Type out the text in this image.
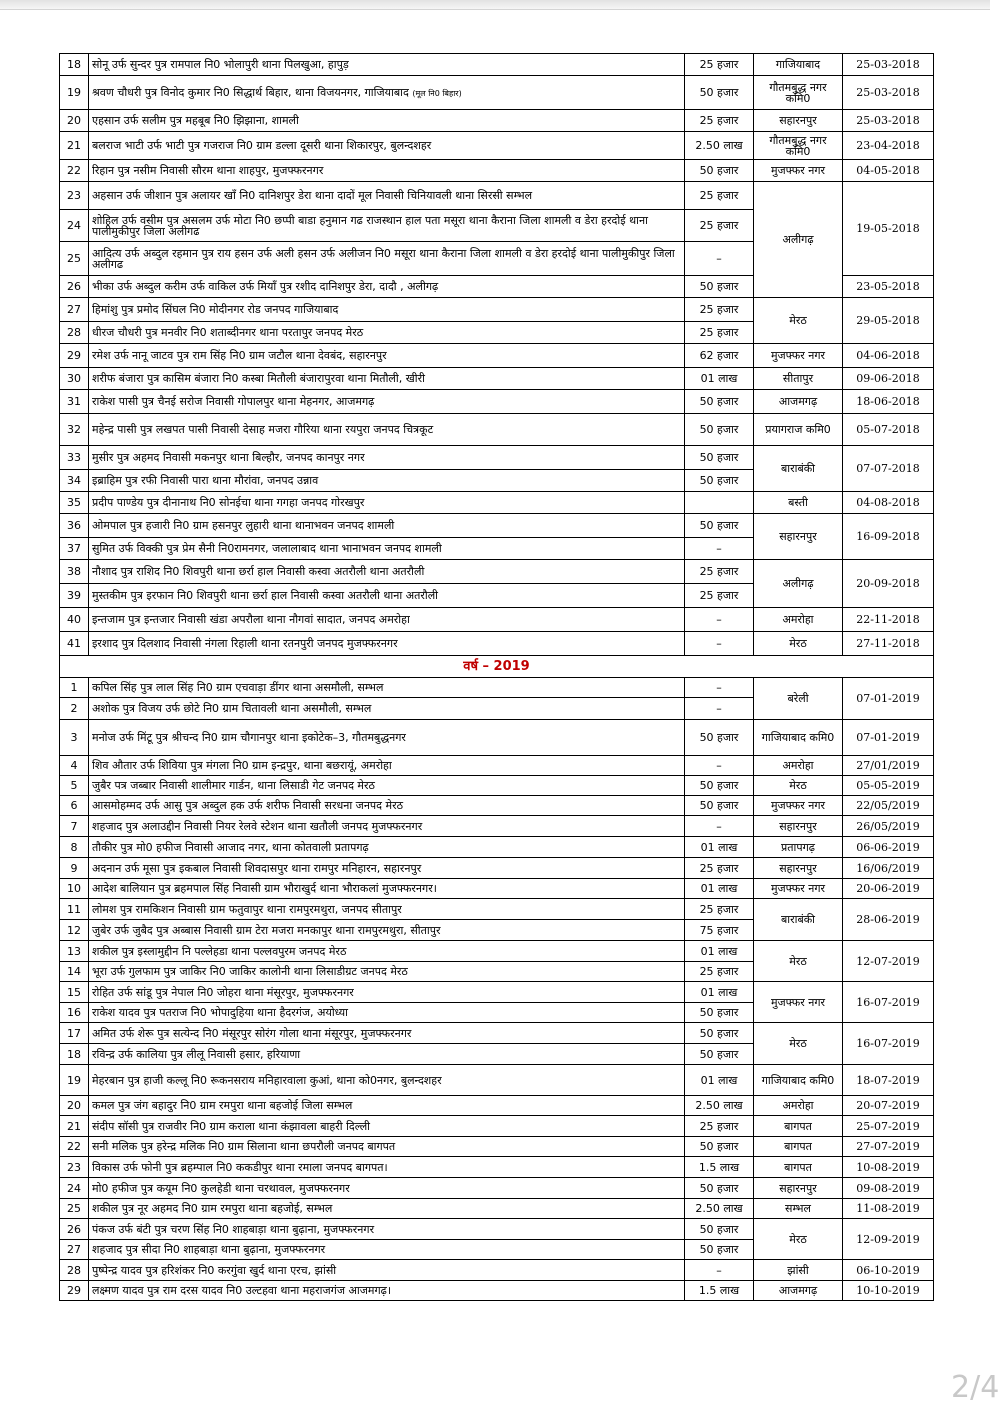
18	सोनू उर्फ सुन्दर पुत्र रामपाल नि0 भोलापुरी थाना पिलखुआ, हापुड़	25 हजार	गाजियाबाद	25-03-2018
19	श्रवण चौधरी पुत्र विनोद कुमार नि0 सिद्धार्थ बिहार, थाना विजयनगर, गाजियाबाद (मूल नि0 बिहार)	50 हजार	गौतमबुद्ध नगर कमि0	25-03-2018
20	एहसान उर्फ सलीम पुत्र महबूब नि0 झिझाना, शामली	25 हजार	सहारनपुर	25-03-2018
21	बलराज भाटी उर्फ भाटी पुत्र गजराज नि0 ग्राम डल्ला दूसरी थाना शिकारपुर, बुलन्दशहर	2.50 लाख	गौतमबुद्ध नगर कमि0	23-04-2018
22	रिहान पुत्र नसीम निवासी सौरम थाना शाहपुर, मुजफ्फरनगर	50 हजार	मुजफ्फर नगर	04-05-2018
23	अहसान उर्फ जीशान पुत्र अलायर खाँ नि0 दानिशपुर डेरा थाना दादों मूल निवासी चिनियावली थाना सिरसी सम्भल	25 हजार	अलीगढ़	19-05-2018
24	शोहिल उर्फ वसीम पुत्र असलम उर्फ मोटा नि0 छप्पी बाडा हनुमान गढ राजस्थान हाल पता मसूरा थाना कैराना जिला शामली व डेरा हरदोई थाना पालीमुकीपुर जिला अलीगढ	25 हजार		
25	आदित्य उर्फ अब्दुल रहमान पुत्र राय हसन उर्फ अली हसन उर्फ अलीजन नि0 मसूरा थाना कैराना जिला शामली व डेरा हरदोई थाना पालीमुकीपुर जिला अलीगढ	–		
26	भीका उर्फ अब्दुल करीम उर्फ वाकिल उर्फ मियाँ पुत्र रशीद दानिशपुर डेरा, दादौ , अलीगढ़	50 हजार		23-05-2018
27	हिमांशु पुत्र प्रमोद सिंघल नि0 मोदीनगर रोड जनपद गाजियाबाद	25 हजार	मेरठ	29-05-2018
28	धीरज चौधरी पुत्र मनवीर नि0 शताब्दीनगर थाना परतापुर जनपद मेरठ	25 हजार		
29	रमेश उर्फ नानू जाटव पुत्र राम सिंह नि0 ग्राम जटौल थाना देवबंद, सहारनपुर	62 हजार	मुजफ्फर नगर	04-06-2018
30	शरीफ बंजारा पुत्र कासिम बंजारा नि0 कस्बा मितौली बंजारापुरवा थाना मितौली, खीरी	01 लाख	सीतापुर	09-06-2018
31	राकेश पासी पुत्र चैनई सरोज निवासी गोपालपुर थाना मेहनगर, आजमगढ़	50 हजार	आजमगढ़	18-06-2018
32	महेन्द्र पासी पुत्र लखपत पासी निवासी देसाह मजरा गौरिया थाना रयपुरा जनपद चित्रकूट	50 हजार	प्रयागराज कमि0	05-07-2018
33	मुसीर पुत्र अहमद निवासी मकनपुर थाना बिल्हौर, जनपद कानपुर नगर	50 हजार	बाराबंकी	07-07-2018
34	इब्राहिम पुत्र रफी निवासी पारा थाना मौरांवा, जनपद उन्नाव	50 हजार		
35	प्रदीप पाण्डेय पुत्र दीनानाथ नि0 सोनईचा थाना गगहा जनपद गोरखपुर		बस्ती	04-08-2018
36	ओमपाल पुत्र हजारी नि0 ग्राम हसनपुर लुहारी थाना थानाभवन जनपद शामली	50 हजार	सहारनपुर	16-09-2018
37	सुमित उर्फ विक्की पुत्र प्रेम सैनी नि0रामनगर, जलालाबाद थाना भानाभवन जनपद शामली	–		
38	नौशाद पुत्र राशिद नि0 शिवपुरी थाना छर्रा हाल निवासी कस्वा अतरौली थाना अतरौली	25 हजार	अलीगढ़	20-09-2018
39	मुस्तकीम पुत्र इरफान नि0 शिवपुरी थाना छर्रा हाल निवासी कस्वा अतरौली थाना अतरौली	25 हजार		
40	इन्तजाम पुत्र इन्तजार निवासी खंडा अपरौला थाना नौगवां सादात, जनपद अमरोहा	–	अमरोहा	22-11-2018
41	इरशाद पुत्र दिलशाद निवासी नंगला रिहाली थाना रतनपुरी जनपद मुजफ्फरनगर	–	मेरठ	27-11-2018
वर्ष – 2019				
1	कपिल सिंह पुत्र लाल सिंह नि0 ग्राम एचवाड़ा डींगर थाना असमौली, सम्भल	–	बरेली	07-01-2019
2	अशोक पुत्र विजय उर्फ छोटे नि0 ग्राम चितावली थाना असमौली, सम्भल	–		
3	मनोज उर्फ मिंटू पुत्र श्रीचन्द नि0 ग्राम चौगानपुर थाना इकोटेक–3, गौतमबुद्धनगर	50 हजार	गाजियाबाद कमि0	07-01-2019
4	शिव औतार उर्फ शिविया पुत्र मंगला नि0 ग्राम इन्द्रपुर, थाना बछरायूं, अमरोहा	–	अमरोहा	27/01/2019
5	जुबैर पत्र जब्बार निवासी शालीमार गार्डन, थाना लिसाडी गेट जनपद मेरठ	50 हजार	मेरठ	05-05-2019
6	आसमोहम्मद उर्फ आसु पुत्र अब्दुल हक उर्फ शरीफ निवासी सरधना जनपद मेरठ	50 हजार	मुजफ्फर नगर	22/05/2019
7	शहजाद पुत्र अलाउद्दीन निवासी नियर रेलवे स्टेशन थाना खतौली जनपद मुजफ्फरनगर	–	सहारनपुर	26/05/2019
8	तौकीर पुत्र मो0 हफीज निवासी आजाद नगर, थाना कोतवाली प्रतापगढ़	01 लाख	प्रतापगढ़	06-06-2019
9	अदनान उर्फ मूसा पुत्र इकबाल निवासी शिवदासपुर थाना रामपुर मनिहारन, सहारनपुर	25 हजार	सहारनपुर	16/06/2019
10	आदेश बालियान पुत्र ब्रहमपाल सिंह निवासी ग्राम भौराखुर्द थाना भौराकलां मुजफ्फरनगर।	01 लाख	मुजफ्फर नगर	20-06-2019
11	लोमश पुत्र रामकिशन निवासी ग्राम फतुवापुर थाना रामपुरमथुरा, जनपद सीतापुर	25 हजार	बाराबंकी	28-06-2019
12	जुबेर उर्फ जुबैद पुत्र अब्बास निवासी ग्राम टेरा मजरा मनकापुर थाना रामपुरमथुरा, सीतापुर	75 हजार		
13	शकील पुत्र इस्लामुद्दीन नि पल्लेहडा थाना पल्लवपुरम जनपद मेरठ	01 लाख	मेरठ	12-07-2019
14	भूरा उर्फ गुलफाम पुत्र जाकिर नि0 जाकिर कालोनी थाना लिसाडीग्रट जनपद मेरठ	25 हजार		
15	रोहित उर्फ सांडू पुत्र नेपाल नि0 जोहरा थाना मंसूरपुर, मुजफ्फरनगर	01 लाख	मुजफ्फर नगर	16-07-2019
16	राकेश यादव पुत्र पतराज नि0 भोपादुहिया थाना हैदरगंज, अयोध्या	50 हजार		
17	अमित उर्फ शेरू पुत्र सत्येन्द नि0 मंसूरपुर सोरंग गोला थाना मंसूरपुर, मुजफ्फरनगर	50 हजार	मेरठ	16-07-2019
18	रविन्द्र उर्फ कालिया पुत्र लीलू निवासी हसार, हरियाणा	50 हजार		
19	मेहरबान पुत्र हाजी कल्लू नि0 रूकनसराय मनिहारवाला कुआं, थाना को0नगर, बुलन्दशहर	01 लाख	गाजियाबाद कमि0	18-07-2019
20	कमल पुत्र जंग बहादुर नि0 ग्राम रमपुरा थाना बहजोई जिला सम्भल	2.50 लाख	अमरोहा	20-07-2019
21	संदीप सॉसी पुत्र राजवीर नि0 ग्राम कराला थाना कंझावला बाहरी दिल्ली	25 हजार	बागपत	25-07-2019
22	सनी मलिक पुत्र हरेन्द्र मलिक नि0 ग्राम सिलाना थाना छपरौली जनपद बागपत	50 हजार	बागपत	27-07-2019
23	विकास उर्फ फोनी पुत्र ब्रहम्पाल नि0 ककडीपुर थाना रमाला जनपद बागपत।	1.5 लाख	बागपत	10-08-2019
24	मो0 हफीज पुत्र कयूम नि0 कुलहेडी थाना चरथावल, मुजफ्फरनगर	50 हजार	सहारनपुर	09-08-2019
25	शकील पुत्र नूर अहमद नि0 ग्राम रमपुरा थाना बहजोई, सम्भल	2.50 लाख	सम्भल	11-08-2019
26	पंकज उर्फ बंटी पुत्र चरण सिंह नि0 शाहबाड़ा थाना बुढ़ाना, मुजफ्फरनगर	50 हजार	मेरठ	12-09-2019
27	शहजाद पुत्र सीदा नि0 शाहबाड़ा थाना बुढ़ाना, मुजफ्फरनगर	50 हजार		
28	पुष्पेन्द्र यादव पुत्र हरिशंकर नि0 करगुंवा खुर्द थाना एरच, झांसी	–	झांसी	06-10-2019
29	लक्ष्मण यादव पुत्र राम दरस यादव नि0 उल्टहवा थाना महराजगंज आजमगढ़।	1.5 लाख	आजमगढ़	10-10-2019
2/4
